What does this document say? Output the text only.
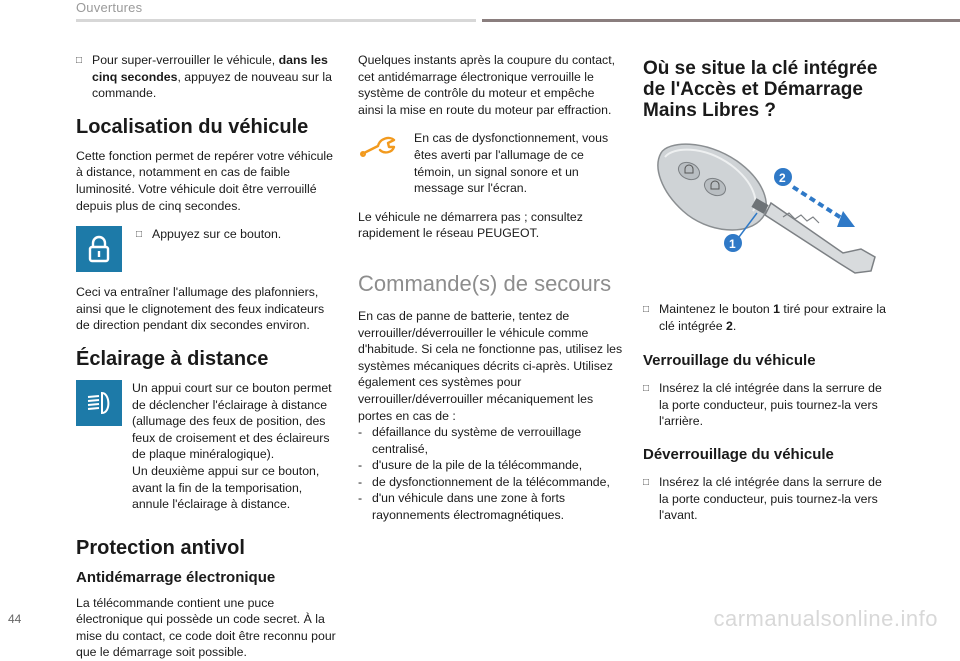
Ouvertures
□ Pour super-verrouiller le véhicule, dans les cinq secondes, appuyez de nouveau sur la commande.
Localisation du véhicule

Cette fonction permet de repérer votre véhicule à distance, notamment en cas de faible luminosité. Votre véhicule doit être verrouillé depuis plus de cinq secondes.

□ Appuyez sur ce bouton.

Ceci va entraîner l'allumage des plafonniers, ainsi que le clignotement des feux indicateurs de direction pendant dix secondes environ.

Éclairage à distance

Un appui court sur ce bouton permet de déclencher l'éclairage à distance (allumage des feux de position, des feux de croisement et des éclaireurs de plaque minéralogique).

Un deuxième appui sur ce bouton, avant la fin de la temporisation, annule l'éclairage à distance.

Protection antivol
Antidémarrage électronique

La télécommande contient une puce électronique qui possède un code secret. À la mise du contact, ce code doit être reconnu pour que le démarrage soit possible.

Quelques instants après la coupure du contact, cet antidémarrage électronique verrouille le système de contrôle du moteur et empêche ainsi la mise en route du moteur par effraction.

En cas de dysfonctionnement, vous êtes averti par l'allumage de ce témoin, un signal sonore et un message sur l'écran.

Le véhicule ne démarrera pas ; consultez rapidement le réseau PEUGEOT.

Commande(s) de secours

En cas de panne de batterie, tentez de verrouiller/déverrouiller le véhicule comme d'habitude. Si cela ne fonctionne pas, utilisez les systèmes mécaniques décrits ci-après. Utilisez également ces systèmes pour verrouiller/déverrouiller mécaniquement les portes en cas de :

- défaillance du système de verrouillage centralisé,
- d'usure de la pile de la télécommande,
- de dysfonctionnement de la télécommande,
- d'un véhicule dans une zone à forts rayonnements électromagnétiques.
Où se situe la clé intégrée de l'Accès et Démarrage Mains Libres ?
1
2
□ Maintenez le bouton 1 tiré pour extraire la clé intégrée 2.
Verrouillage du véhicule
□ Insérez la clé intégrée dans la serrure de la porte conducteur, puis tournez-la vers l'arrière.
Déverrouillage du véhicule
□ Insérez la clé intégrée dans la serrure de la porte conducteur, puis tournez-la vers l'avant.
44	carmanualsonline.info
